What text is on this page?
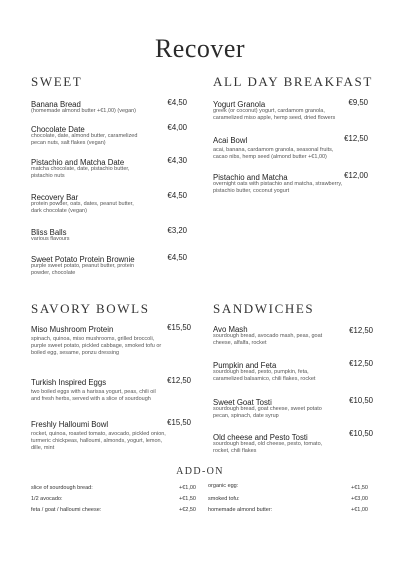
Recover
SWEET
Banana Bread	€4,50
(homemade almond butter +€1,00) (vegan)
Chocolate Date	€4,00
chocolate, date, almond butter, caramelized
pecan nuts, salt flakes (vegan)
Pistachio and Matcha Date	€4,30
matcha chocolate, date, pistachio butter,
pistachio nuts
Recovery Bar	€4,50
protein powder, oats, dates, peanut butter,
dark chocolate (vegan)
Bliss Balls	€3,20
various flavours
Sweet Potato Protein Brownie	€4,50
purple sweet potato, peanut butter, protein
powder, chocolate
ALL DAY BREAKFAST
Yogurt Granola	€9,50
greek (or coconut) yogurt, cardamom granola,
caramelized miso apple, hemp seed, dried flowers
Acai Bowl	€12,50
acai, banana, cardamom granola, seasonal fruits,
cacao nibs, hemp seed (almond butter +€1,00)
Pistachio and Matcha	€12,00
overnight oats with pistachio and matcha, strawberry,
pistachio butter, coconut yogurt
SAVORY BOWLS
Miso Mushroom Protein	€15,50
spinach, quinoa, miso mushrooms, grilled broccoli,
purple sweet potato, pickled cabbage, smoked tofu or
boiled egg, sesame, ponzu dressing
Turkish Inspired Eggs	€12,50
two boiled eggs with a harissa yogurt, peas, chili oil
and fresh herbs, served with a slice of sourdough
Freshly Halloumi Bowl	€15,50
rocket, quinoa, roasted tomato, avocado, pickled onion,
turmeric chickpeas, halloumi, almonds, yogurt, lemon,
dille, mint
SANDWICHES
Avo Mash	€12,50
sourdough bread, avocado mash, peas, goat
cheese, alfalfa, rocket
Pumpkin and Feta	€12,50
sourdough bread, pesto, pumpkin, feta,
caramelized balsamico, chili flakes, rocket
Sweet Goat Tosti	€10,50
sourdough bread, goat cheese, sweet potato
pecan, spinach, date syrup
Old cheese and Pesto Tosti	€10,50
sourdough bread, old cheese, pesto, tomato,
rocket, chili flakes
ADD-ON
slice of sourdough bread:	+€1,00
1/2 avocado:	+€1,50
feta / goat / halloumi cheese:	+€2,50
organic egg:	+€1,50
smoked tofu:	+€3,00
homemade almond butter:	+€1,00
